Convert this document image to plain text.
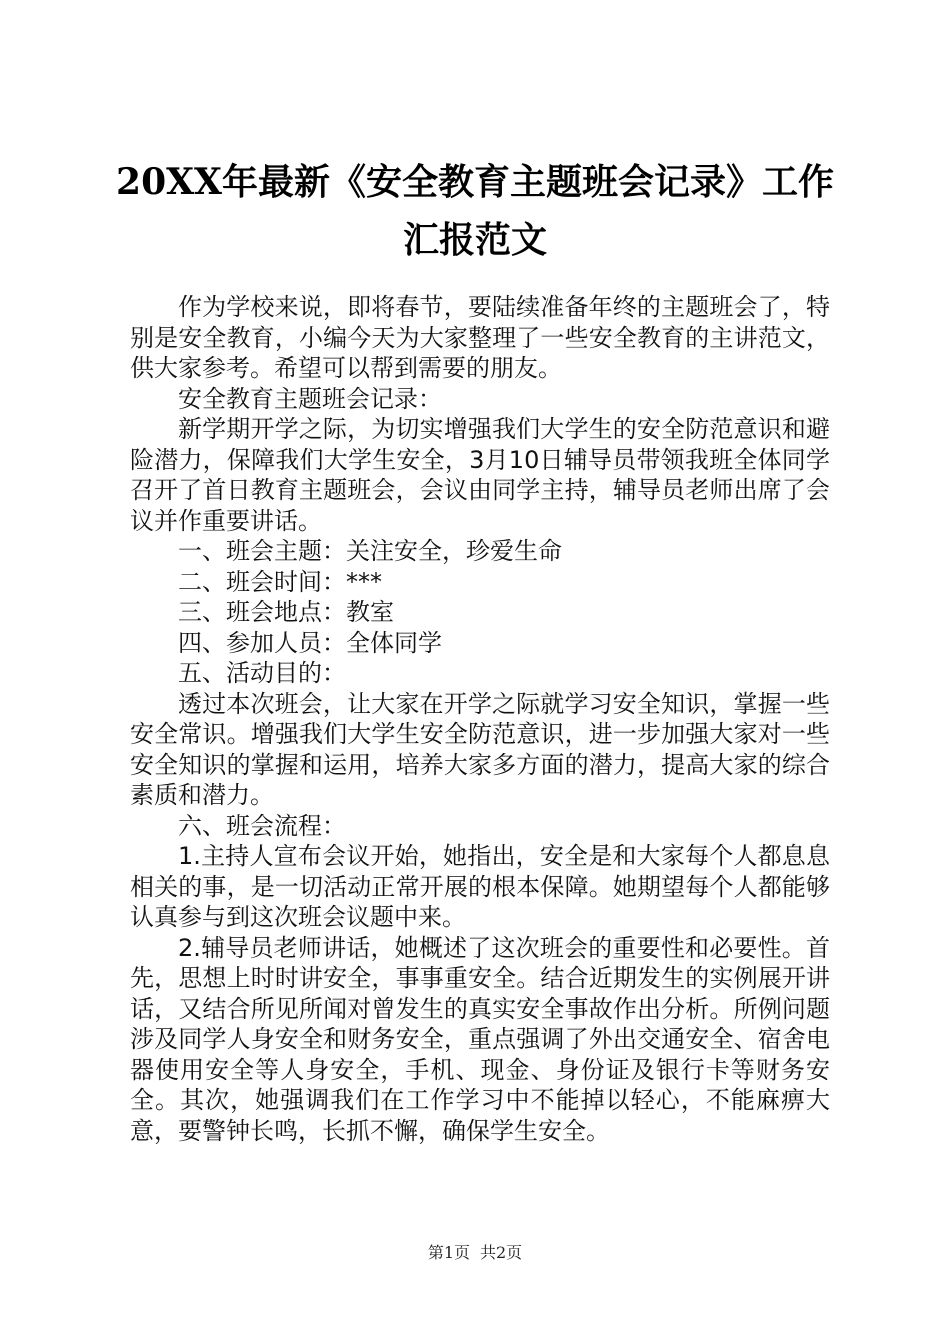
20XX年最新《安全教育主题班会记录》工作
汇报范文

作为学校来说，即将春节，要陆续准备年终的主题班会了，特别是安全教育，小编今天为大家整理了一些安全教育的主讲范文，供大家参考。希望可以帮到需要的朋友。

安全教育主题班会记录：

新学期开学之际，为切实增强我们大学生的安全防范意识和避险潜力，保障我们大学生安全，3月10日辅导员带领我班全体同学召开了首日教育主题班会，会议由同学主持，辅导员老师出席了会议并作重要讲话。

一、班会主题：关注安全，珍爱生命

二、班会时间：***

三、班会地点：教室

四、参加人员：全体同学

五、活动目的：

透过本次班会，让大家在开学之际就学习安全知识，掌握一些安全常识。增强我们大学生安全防范意识，进一步加强大家对一些安全知识的掌握和运用，培养大家多方面的潜力，提高大家的综合素质和潜力。

六、班会流程：

1.主持人宣布会议开始，她指出，安全是和大家每个人都息息相关的事，是一切活动正常开展的根本保障。她期望每个人都能够认真参与到这次班会议题中来。

2.辅导员老师讲话，她概述了这次班会的重要性和必要性。首先，思想上时时讲安全，事事重安全。结合近期发生的实例展开讲话，又结合所见所闻对曾发生的真实安全事故作出分析。所例问题涉及同学人身安全和财务安全，重点强调了外出交通安全、宿舍电器使用安全等人身安全，手机、现金、身份证及银行卡等财务安全。其次，她强调我们在工作学习中不能掉以轻心，不能麻痹大意，要警钟长鸣，长抓不懈，确保学生安全。

第1页 共2页
